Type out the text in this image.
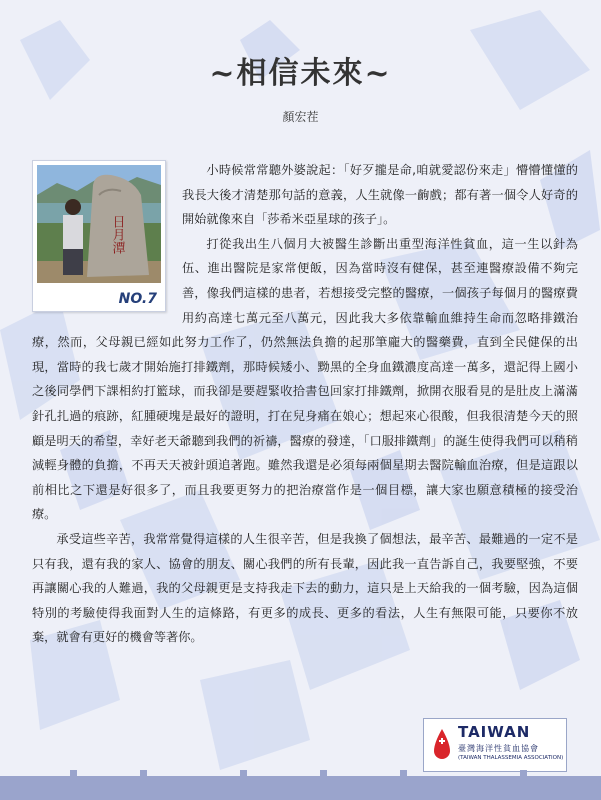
~相信未來~
顏宏茬
日月潭
NO.7

小時候常常聽外婆說起：「好歹攏是命,咱就愛認份來走」懵懵懂懂的我長大後才清楚那句話的意義，人生就像一齣戲；都有著一個令人好奇的開始就像來自「莎希米亞星球的孩子」。

打從我出生八個月大被醫生診斷出重型海洋性貧血，這一生以針為伍、進出醫院是家常便飯，因為當時沒有健保，甚至連醫療設備不夠完善，像我們這樣的患者，若想接受完整的醫療，一個孩子每個月的醫療費用約高達七萬元至八萬元，因此我大多依靠輸血維持生命而忽略排鐵治療，然而，父母親已經如此努力工作了，仍然無法負擔的起那筆龐大的醫藥費，直到全民健保的出現，當時的我七歲才開始施打排鐵劑，那時候矮小、黝黑的全身血鐵濃度高達一萬多，還記得上國小之後同學們下課相約打籃球，而我卻是要趕緊收拾書包回家打排鐵劑，掀開衣服看見的是肚皮上滿滿針孔扎過的痕跡，紅腫硬塊是最好的證明，打在兒身痛在娘心；想起來心很酸，但我很清楚今天的照顧是明天的希望，幸好老天爺聽到我們的祈禱，醫療的發達，「口服排鐵劑」的誕生使得我們可以稍稍減輕身體的負擔，不再天天被針頭追著跑。雖然我還是必須每兩個星期去醫院輸血治療，但是這跟以前相比之下還是好很多了，而且我要更努力的把治療當作是一個目標，讓大家也願意積極的接受治療。

承受這些辛苦，我常常覺得這樣的人生很辛苦，但是我換了個想法，最辛苦、最難過的一定不是只有我，還有我的家人、協會的朋友、關心我們的所有長輩，因此我一直告訴自己，我要堅強，不要再讓關心我的人難過，我的父母親更是支持我走下去的動力，這只是上天給我的一個考驗，因為這個特別的考驗使得我面對人生的這條路，有更多的成長、更多的看法，人生有無限可能，只要你不放棄，就會有更好的機會等著你。

TAIWAN
臺灣海洋性貧血協會
(TAIWAN THALASSEMIA ASSOCIATION)
